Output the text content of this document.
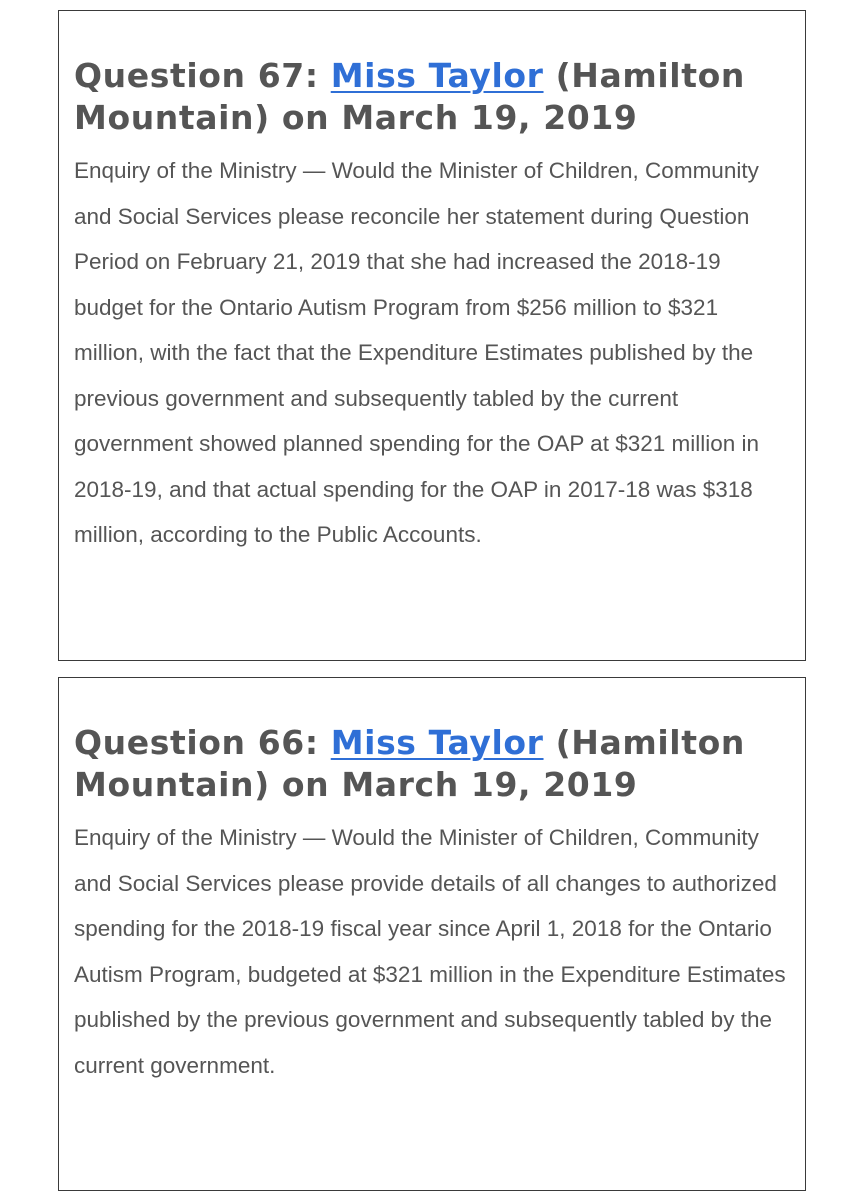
Question 67: Miss Taylor (Hamilton Mountain) on March 19, 2019

Enquiry of the Ministry — Would the Minister of Children, Community and Social Services please reconcile her statement during Question Period on February 21, 2019 that she had increased the 2018-19 budget for the Ontario Autism Program from $256 million to $321 million, with the fact that the Expenditure Estimates published by the previous government and subsequently tabled by the current government showed planned spending for the OAP at $321 million in 2018-19, and that actual spending for the OAP in 2017-18 was $318 million, according to the Public Accounts.

Question 66: Miss Taylor (Hamilton Mountain) on March 19, 2019

Enquiry of the Ministry — Would the Minister of Children, Community and Social Services please provide details of all changes to authorized spending for the 2018-19 fiscal year since April 1, 2018 for the Ontario Autism Program, budgeted at $321 million in the Expenditure Estimates published by the previous government and subsequently tabled by the current government.
